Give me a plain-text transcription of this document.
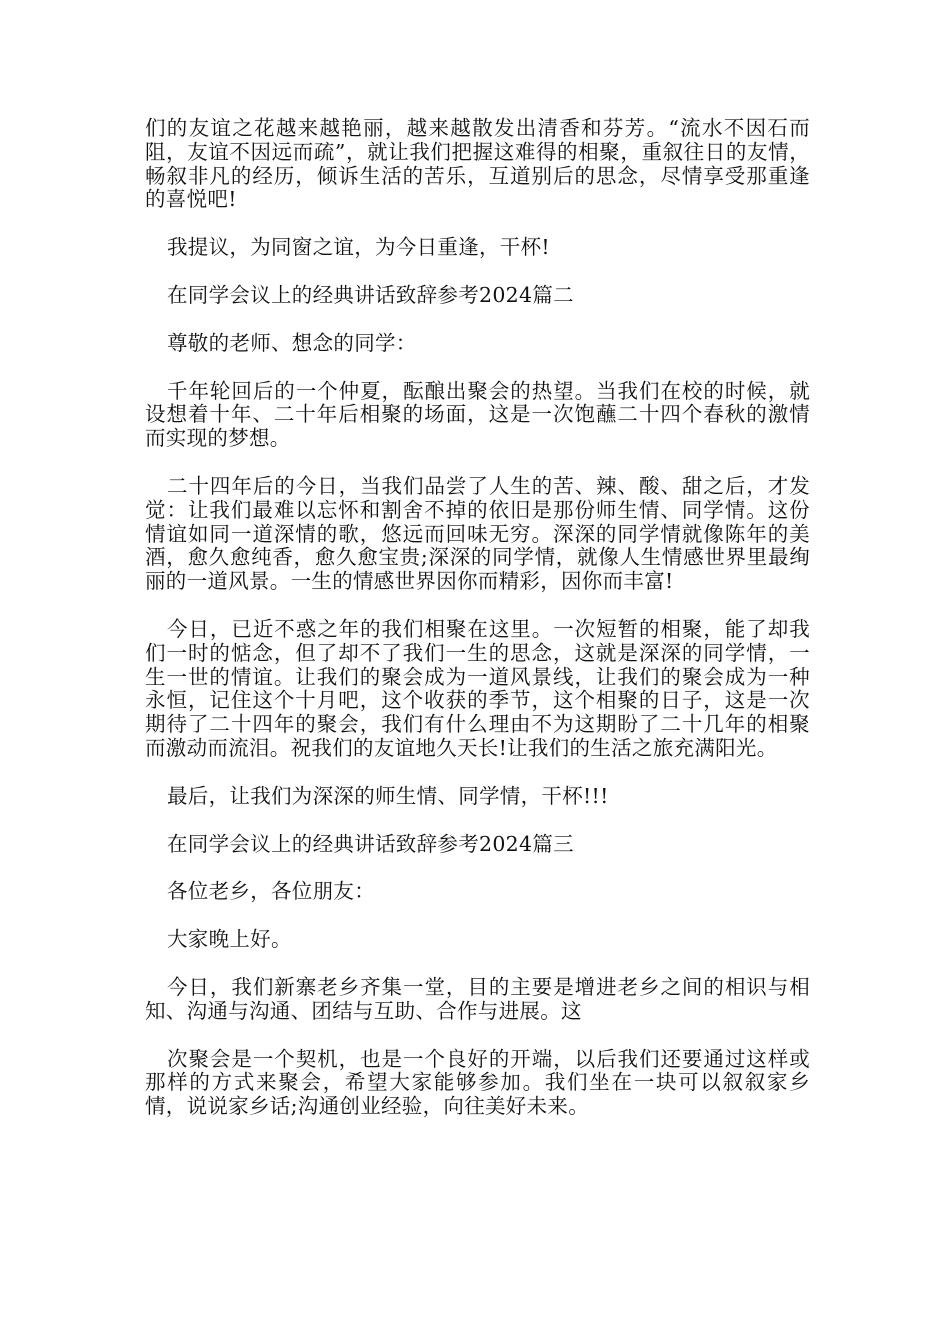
们的友谊之花越来越艳丽，越来越散发出清香和芬芳。“流水不因石而阻，友谊不因远而疏”，就让我们把握这难得的相聚，重叙往日的友情，畅叙非凡的经历，倾诉生活的苦乐，互道别后的思念，尽情享受那重逢的喜悦吧!

我提议，为同窗之谊，为今日重逢，干杯!

在同学会议上的经典讲话致辞参考2024篇二

尊敬的老师、想念的同学：

千年轮回后的一个仲夏，酝酿出聚会的热望。当我们在校的时候，就设想着十年、二十年后相聚的场面，这是一次饱蘸二十四个春秋的激情而实现的梦想。

二十四年后的今日，当我们品尝了人生的苦、辣、酸、甜之后，才发觉：让我们最难以忘怀和割舍不掉的依旧是那份师生情、同学情。这份情谊如同一道深情的歌，悠远而回味无穷。深深的同学情就像陈年的美酒，愈久愈纯香，愈久愈宝贵;深深的同学情，就像人生情感世界里最绚丽的一道风景。一生的情感世界因你而精彩，因你而丰富!

今日，已近不惑之年的我们相聚在这里。一次短暂的相聚，能了却我们一时的惦念，但了却不了我们一生的思念，这就是深深的同学情，一生一世的情谊。让我们的聚会成为一道风景线，让我们的聚会成为一种永恒，记住这个十月吧，这个收获的季节，这个相聚的日子，这是一次期待了二十四年的聚会，我们有什么理由不为这期盼了二十几年的相聚而激动而流泪。祝我们的友谊地久天长!让我们的生活之旅充满阳光。

最后，让我们为深深的师生情、同学情，干杯!!!

在同学会议上的经典讲话致辞参考2024篇三

各位老乡，各位朋友：

大家晚上好。

今日，我们新寨老乡齐集一堂，目的主要是增进老乡之间的相识与相知、沟通与沟通、团结与互助、合作与进展。这

次聚会是一个契机，也是一个良好的开端，以后我们还要通过这样或那样的方式来聚会，希望大家能够参加。我们坐在一块可以叙叙家乡情，说说家乡话;沟通创业经验，向往美好未来。
